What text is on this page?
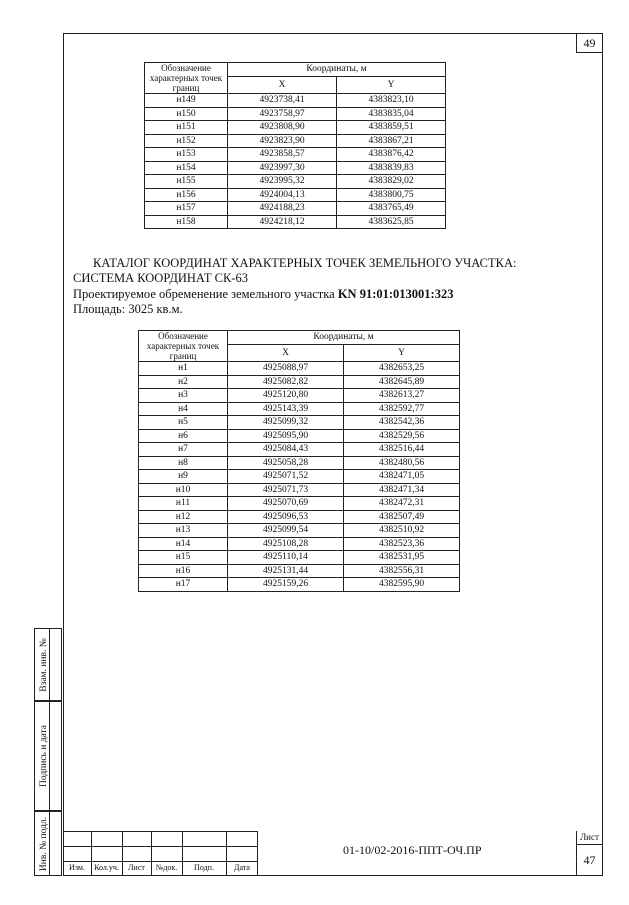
49
Обозначение характерных точек границ	Координаты, м	
	X	Y
н149	4923738,41	4383823,10
н150	4923758,97	4383835,04
н151	4923808,90	4383859,51
н152	4923823,90	4383867,21
н153	4923858,57	4383876,42
н154	4923997,30	4383839,83
н155	4923995,32	4383829,02
н156	4924004,13	4383800,75
н157	4924188,23	4383765,49
н158	4924218,12	4383625,85
КАТАЛОГ КООРДИНАТ ХАРАКТЕРНЫХ ТОЧЕК ЗЕМЕЛЬНОГО УЧАСТКА:
СИСТЕМА КООРДИНАТ СК-63
Проектируемое обременение земельного участка KN 91:01:013001:323
Площадь: 3025 кв.м.
Обозначение характерных точек границ	Координаты, м	
	X	Y
н1	4925088,97	4382653,25
н2	4925082,82	4382645,89
н3	4925120,80	4382613,27
н4	4925143,39	4382592,77
н5	4925099,32	4382542,36
н6	4925095,90	4382529,56
н7	4925084,43	4382516,44
н8	4925058,28	4382480,56
н9	4925071,52	4382471,05
н10	4925071,73	4382471,34
н11	4925070,69	4382472,31
н12	4925096,53	4382507,49
н13	4925099,54	4382510,92
н14	4925108,28	4382523,36
н15	4925110,14	4382531,95
н16	4925131,44	4382556,31
н17	4925159,26	4382595,90
Взам. инв. №
Подпись и дата
Инв. № подл.	Изм.	Кол.уч.	Лист	№док.	Подп.	Дата
01-10/02-2016-ППТ-ОЧ.ПР
Лист
47
